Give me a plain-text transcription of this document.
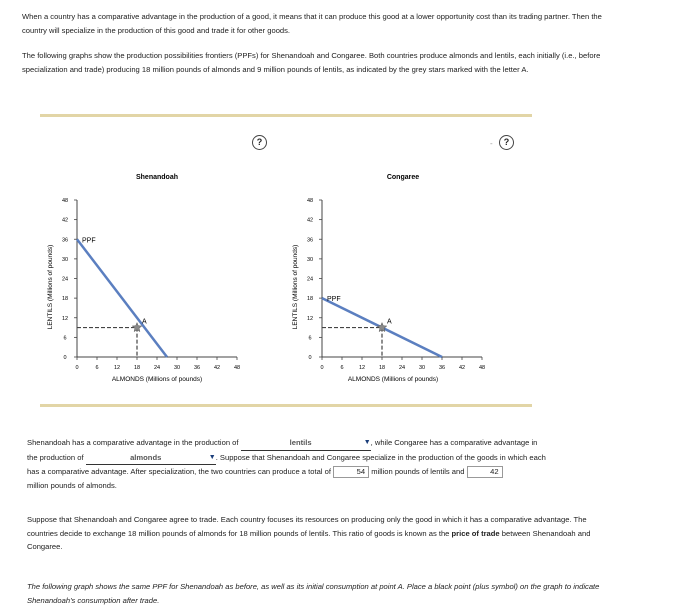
When a country has a comparative advantage in the production of a good, it means that it can produce this good at a lower opportunity cost than its trading partner. Then the country will specialize in the production of this good and trade it for other goods.
The following graphs show the production possibilities frontiers (PPFs) for Shenandoah and Congaree. Both countries produce almonds and lentils, each initially (i.e., before specialization and trade) producing 18 million pounds of almonds and 9 million pounds of lentils, as indicated by the grey stars marked with the letter A.
?
Shenandoah
LENTILS (Millions of pounds)
ALMONDS (Millions of pounds)
48
42
36
30
24
18
12
6
0
0	6	12	18	24	30	36	42	48
PPF
A
?
-
Congaree
LENTILS (Millions of pounds)
ALMONDS (Millions of pounds)
48
42
36
30
24
18
12
6
0
0	6	12	18	24	30	36	42	48
PPF
A
Shenandoah has a comparative advantage in the production of	lentils	▼ , while Congaree has a comparative advantage in
the production of	almonds	▼ . Suppose that Shenandoah and Congaree specialize in the production of the goods in which each
has a comparative advantage. After specialization, the two countries can produce a total of	54 million pounds of lentils and	42
million pounds of almonds.
Suppose that Shenandoah and Congaree agree to trade. Each country focuses its resources on producing only the good in which it has a comparative advantage. The countries decide to exchange 18 million pounds of almonds for 18 million pounds of lentils. This ratio of goods is known as the price of trade between Shenandoah and Congaree.
The following graph shows the same PPF for Shenandoah as before, as well as its initial consumption at point A. Place a black point (plus symbol) on the graph to indicate Shenandoah's consumption after trade.
